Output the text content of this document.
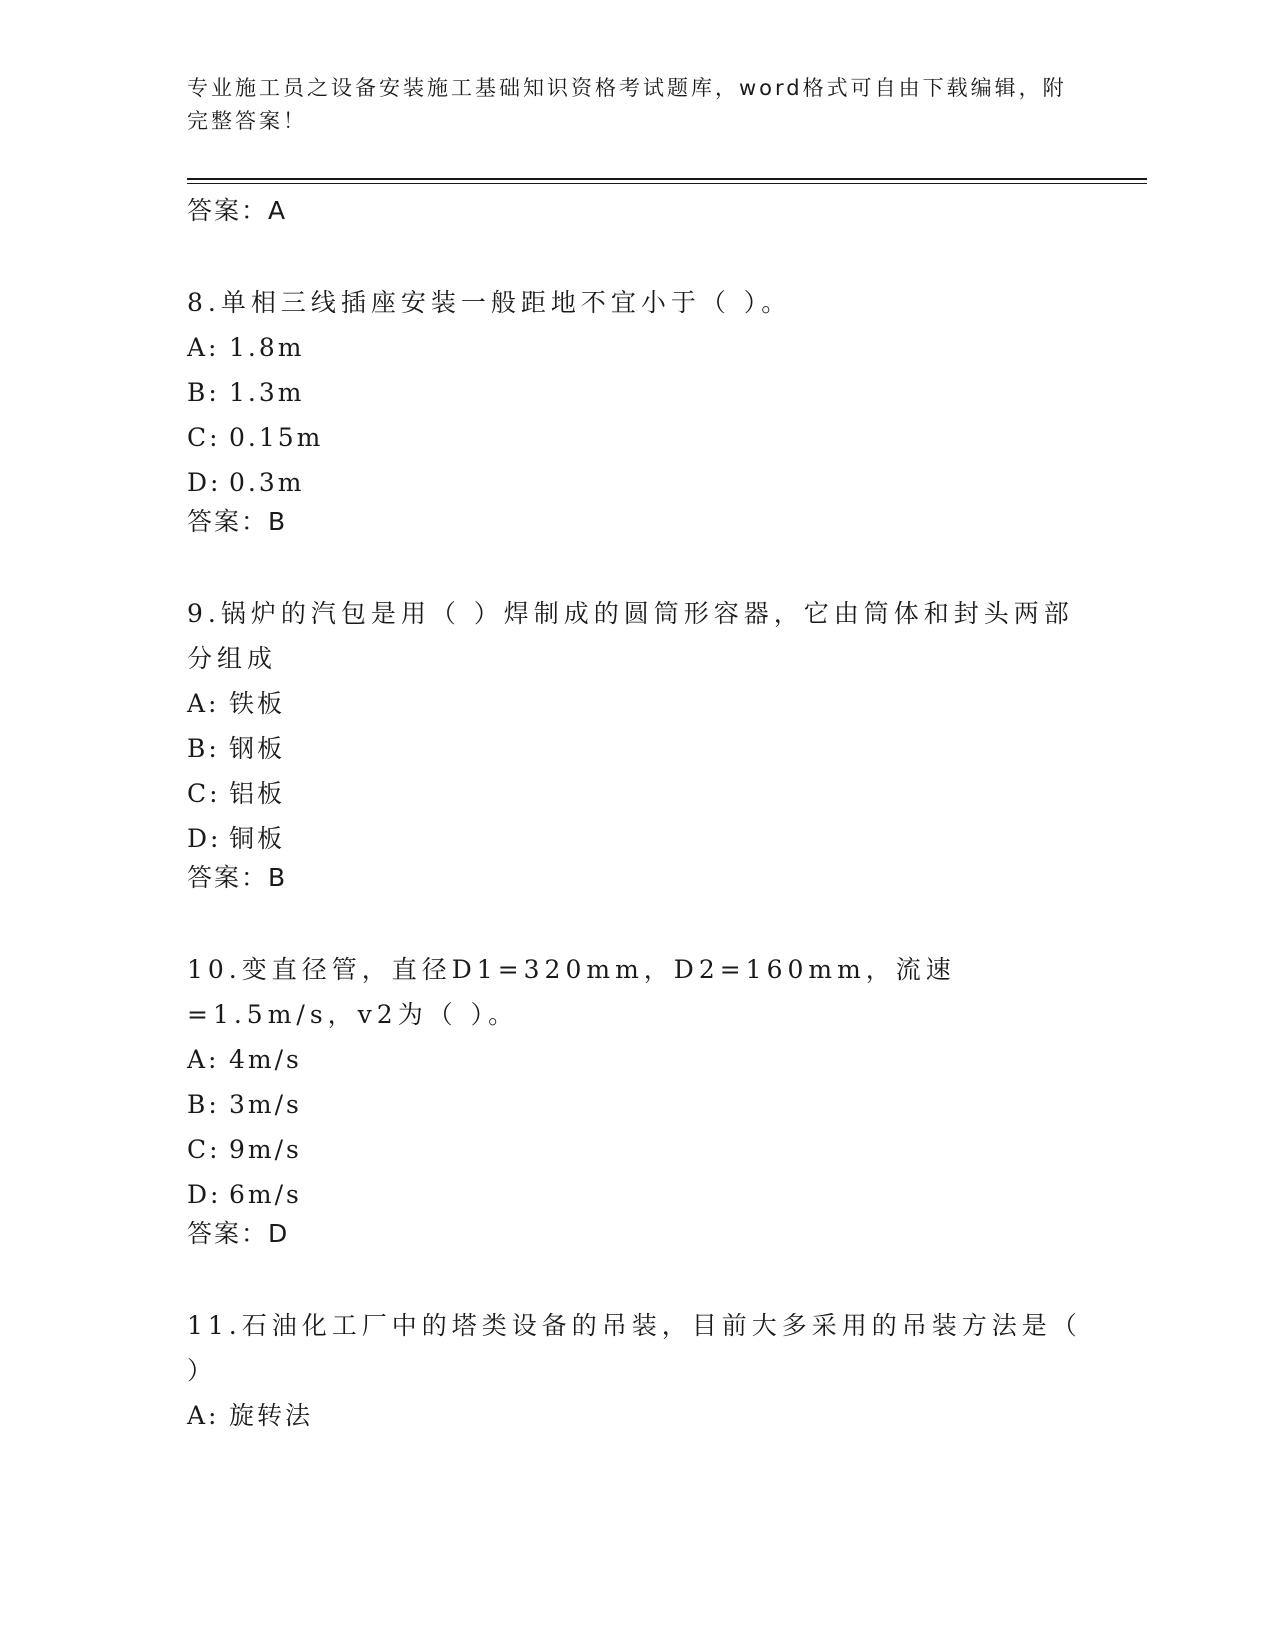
专业施工员之设备安装施工基础知识资格考试题库，word格式可自由下载编辑，附完整答案！
答案：A
8.单相三线插座安装一般距地不宜小于（ ）。
A: 1.8m
B: 1.3m
C: 0.15m
D: 0.3m
答案：B
9.锅炉的汽包是用（ ）焊制成的圆筒形容器，它由筒体和封头两部分组成
A: 铁板
B: 钢板
C: 铝板
D: 铜板
答案：B
10.变直径管，直径D1=320mm，D2=160mm，流速=1.5m/s，v2为（ ）。
A: 4m/s
B: 3m/s
C: 9m/s
D: 6m/s
答案：D
11.石油化工厂中的塔类设备的吊装，目前大多采用的吊装方法是（ ）
A: 旋转法
